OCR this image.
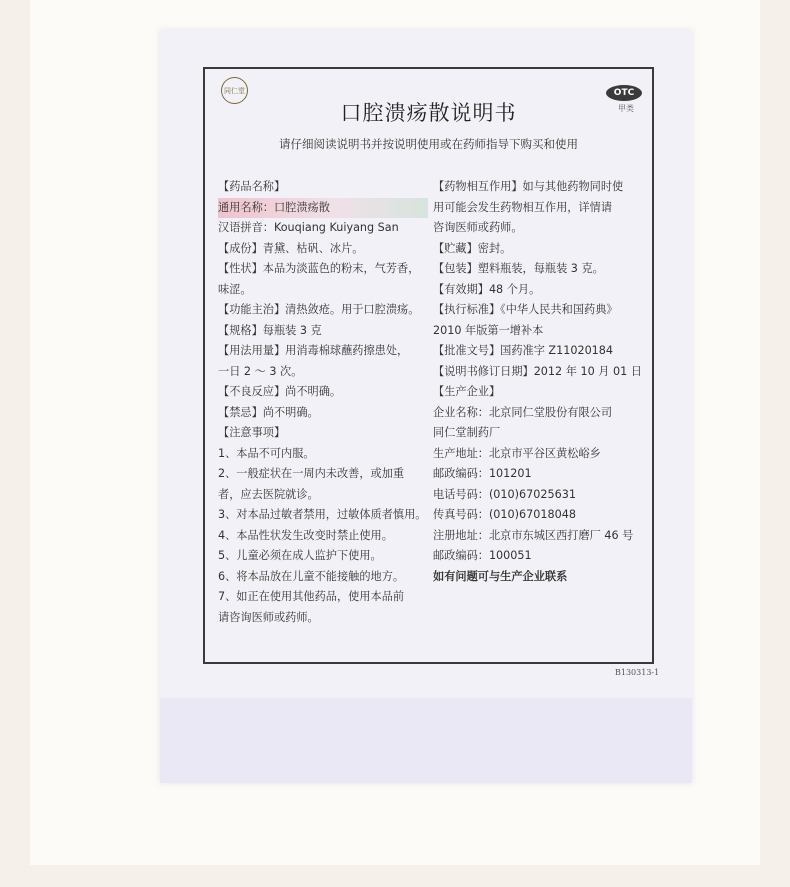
同仁堂	OTC
甲类
口腔溃疡散说明书
请仔细阅读说明书并按说明使用或在药师指导下购买和使用
【药品名称】
通用名称：口腔溃疡散
汉语拼音：Kouqiang Kuiyang San
【成份】青黛、枯矾、冰片。
【性状】本品为淡蓝色的粉末，气芳香，
味涩。
【功能主治】清热敛疮。用于口腔溃疡。
【规格】每瓶装 3 克
【用法用量】用消毒棉球蘸药擦患处，
一日 2 ～ 3 次。
【不良反应】尚不明确。
【禁忌】尚不明确。
【注意事项】
1、本品不可内服。
2、一般症状在一周内未改善，或加重
者，应去医院就诊。
3、对本品过敏者禁用，过敏体质者慎用。
4、本品性状发生改变时禁止使用。
5、儿童必须在成人监护下使用。
6、将本品放在儿童不能接触的地方。
7、如正在使用其他药品，使用本品前
请咨询医师或药师。
【药物相互作用】如与其他药物同时使
用可能会发生药物相互作用，详情请
咨询医师或药师。
【贮藏】密封。
【包装】塑料瓶装，每瓶装 3 克。
【有效期】48 个月。
【执行标准】《中华人民共和国药典》
2010 年版第一增补本
【批准文号】国药准字 Z11020184
【说明书修订日期】2012 年 10 月 01 日
【生产企业】
企业名称：北京同仁堂股份有限公司
同仁堂制药厂
生产地址：北京市平谷区黄松峪乡
邮政编码：101201
电话号码：(010)67025631
传真号码：(010)67018048
注册地址：北京市东城区西打磨厂 46 号
邮政编码：100051
如有问题可与生产企业联系
B130313-1
